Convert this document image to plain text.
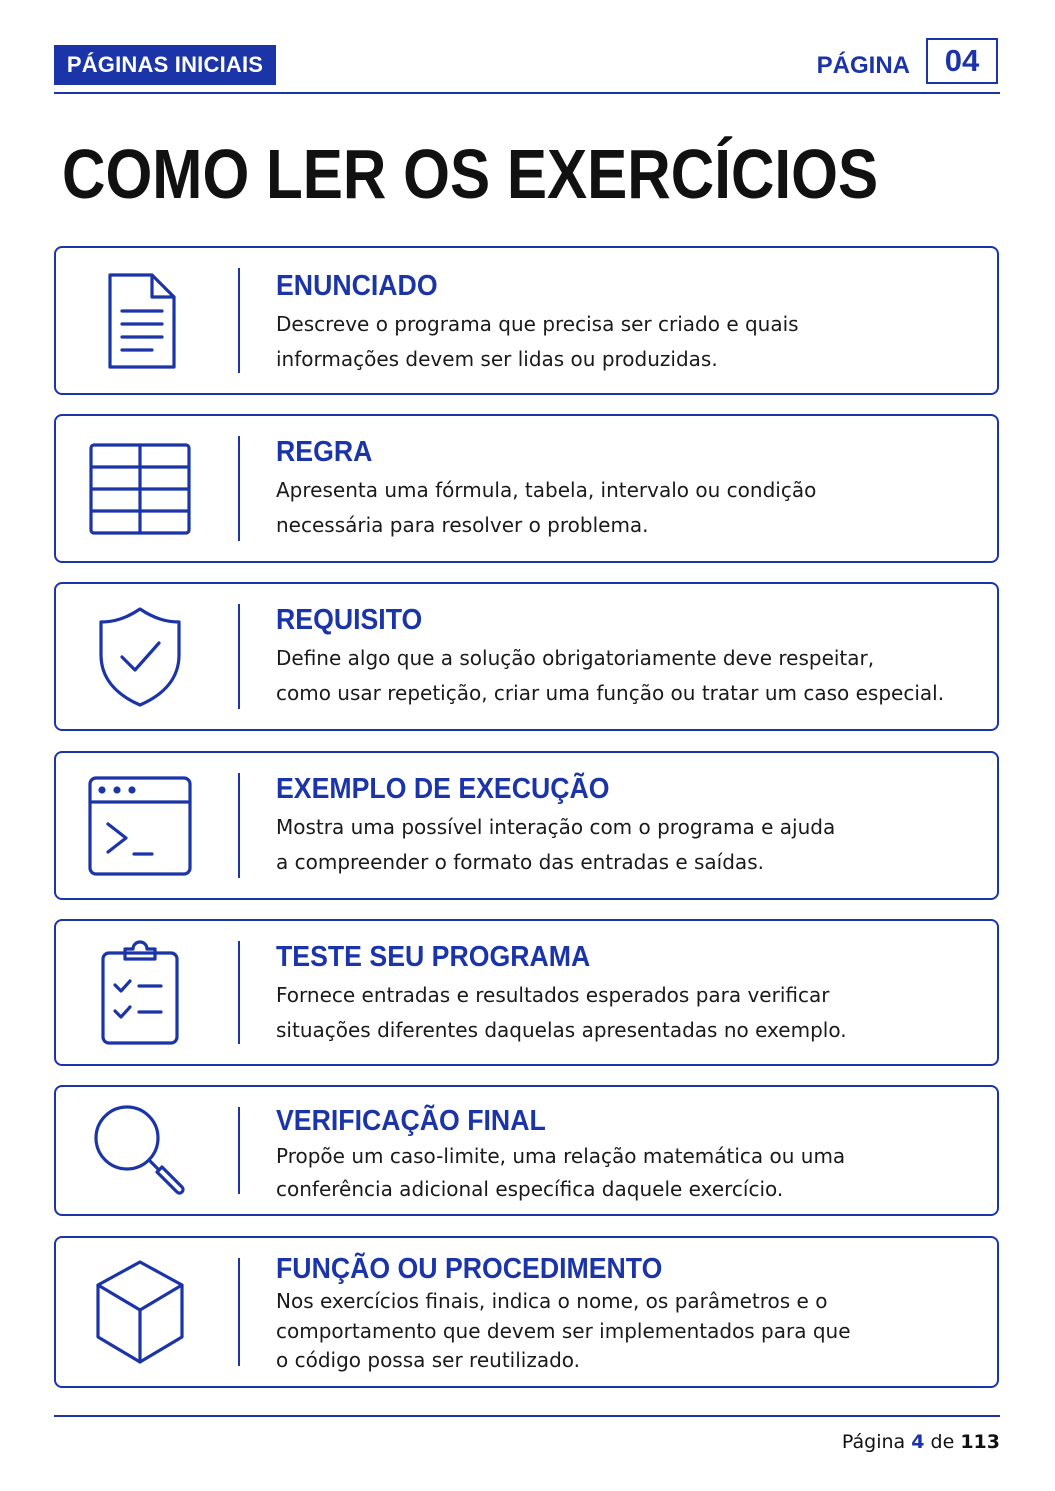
PÁGINAS INICIAIS	PÁGINA	04
COMO LER OS EXERCÍCIOS
ENUNCIADO
Descreve o programa que precisa ser criado e quais
informações devem ser lidas ou produzidas.
REGRA
Apresenta uma fórmula, tabela, intervalo ou condição
necessária para resolver o problema.
REQUISITO
Define algo que a solução obrigatoriamente deve respeitar,
como usar repetição, criar uma função ou tratar um caso especial.
EXEMPLO DE EXECUÇÃO
Mostra uma possível interação com o programa e ajuda
a compreender o formato das entradas e saídas.
TESTE SEU PROGRAMA
Fornece entradas e resultados esperados para verificar
situações diferentes daquelas apresentadas no exemplo.
VERIFICAÇÃO FINAL
Propõe um caso-limite, uma relação matemática ou uma
conferência adicional específica daquele exercício.
FUNÇÃO OU PROCEDIMENTO
Nos exercícios finais, indica o nome, os parâmetros e o
comportamento que devem ser implementados para que
o código possa ser reutilizado.
Página 4 de 113
